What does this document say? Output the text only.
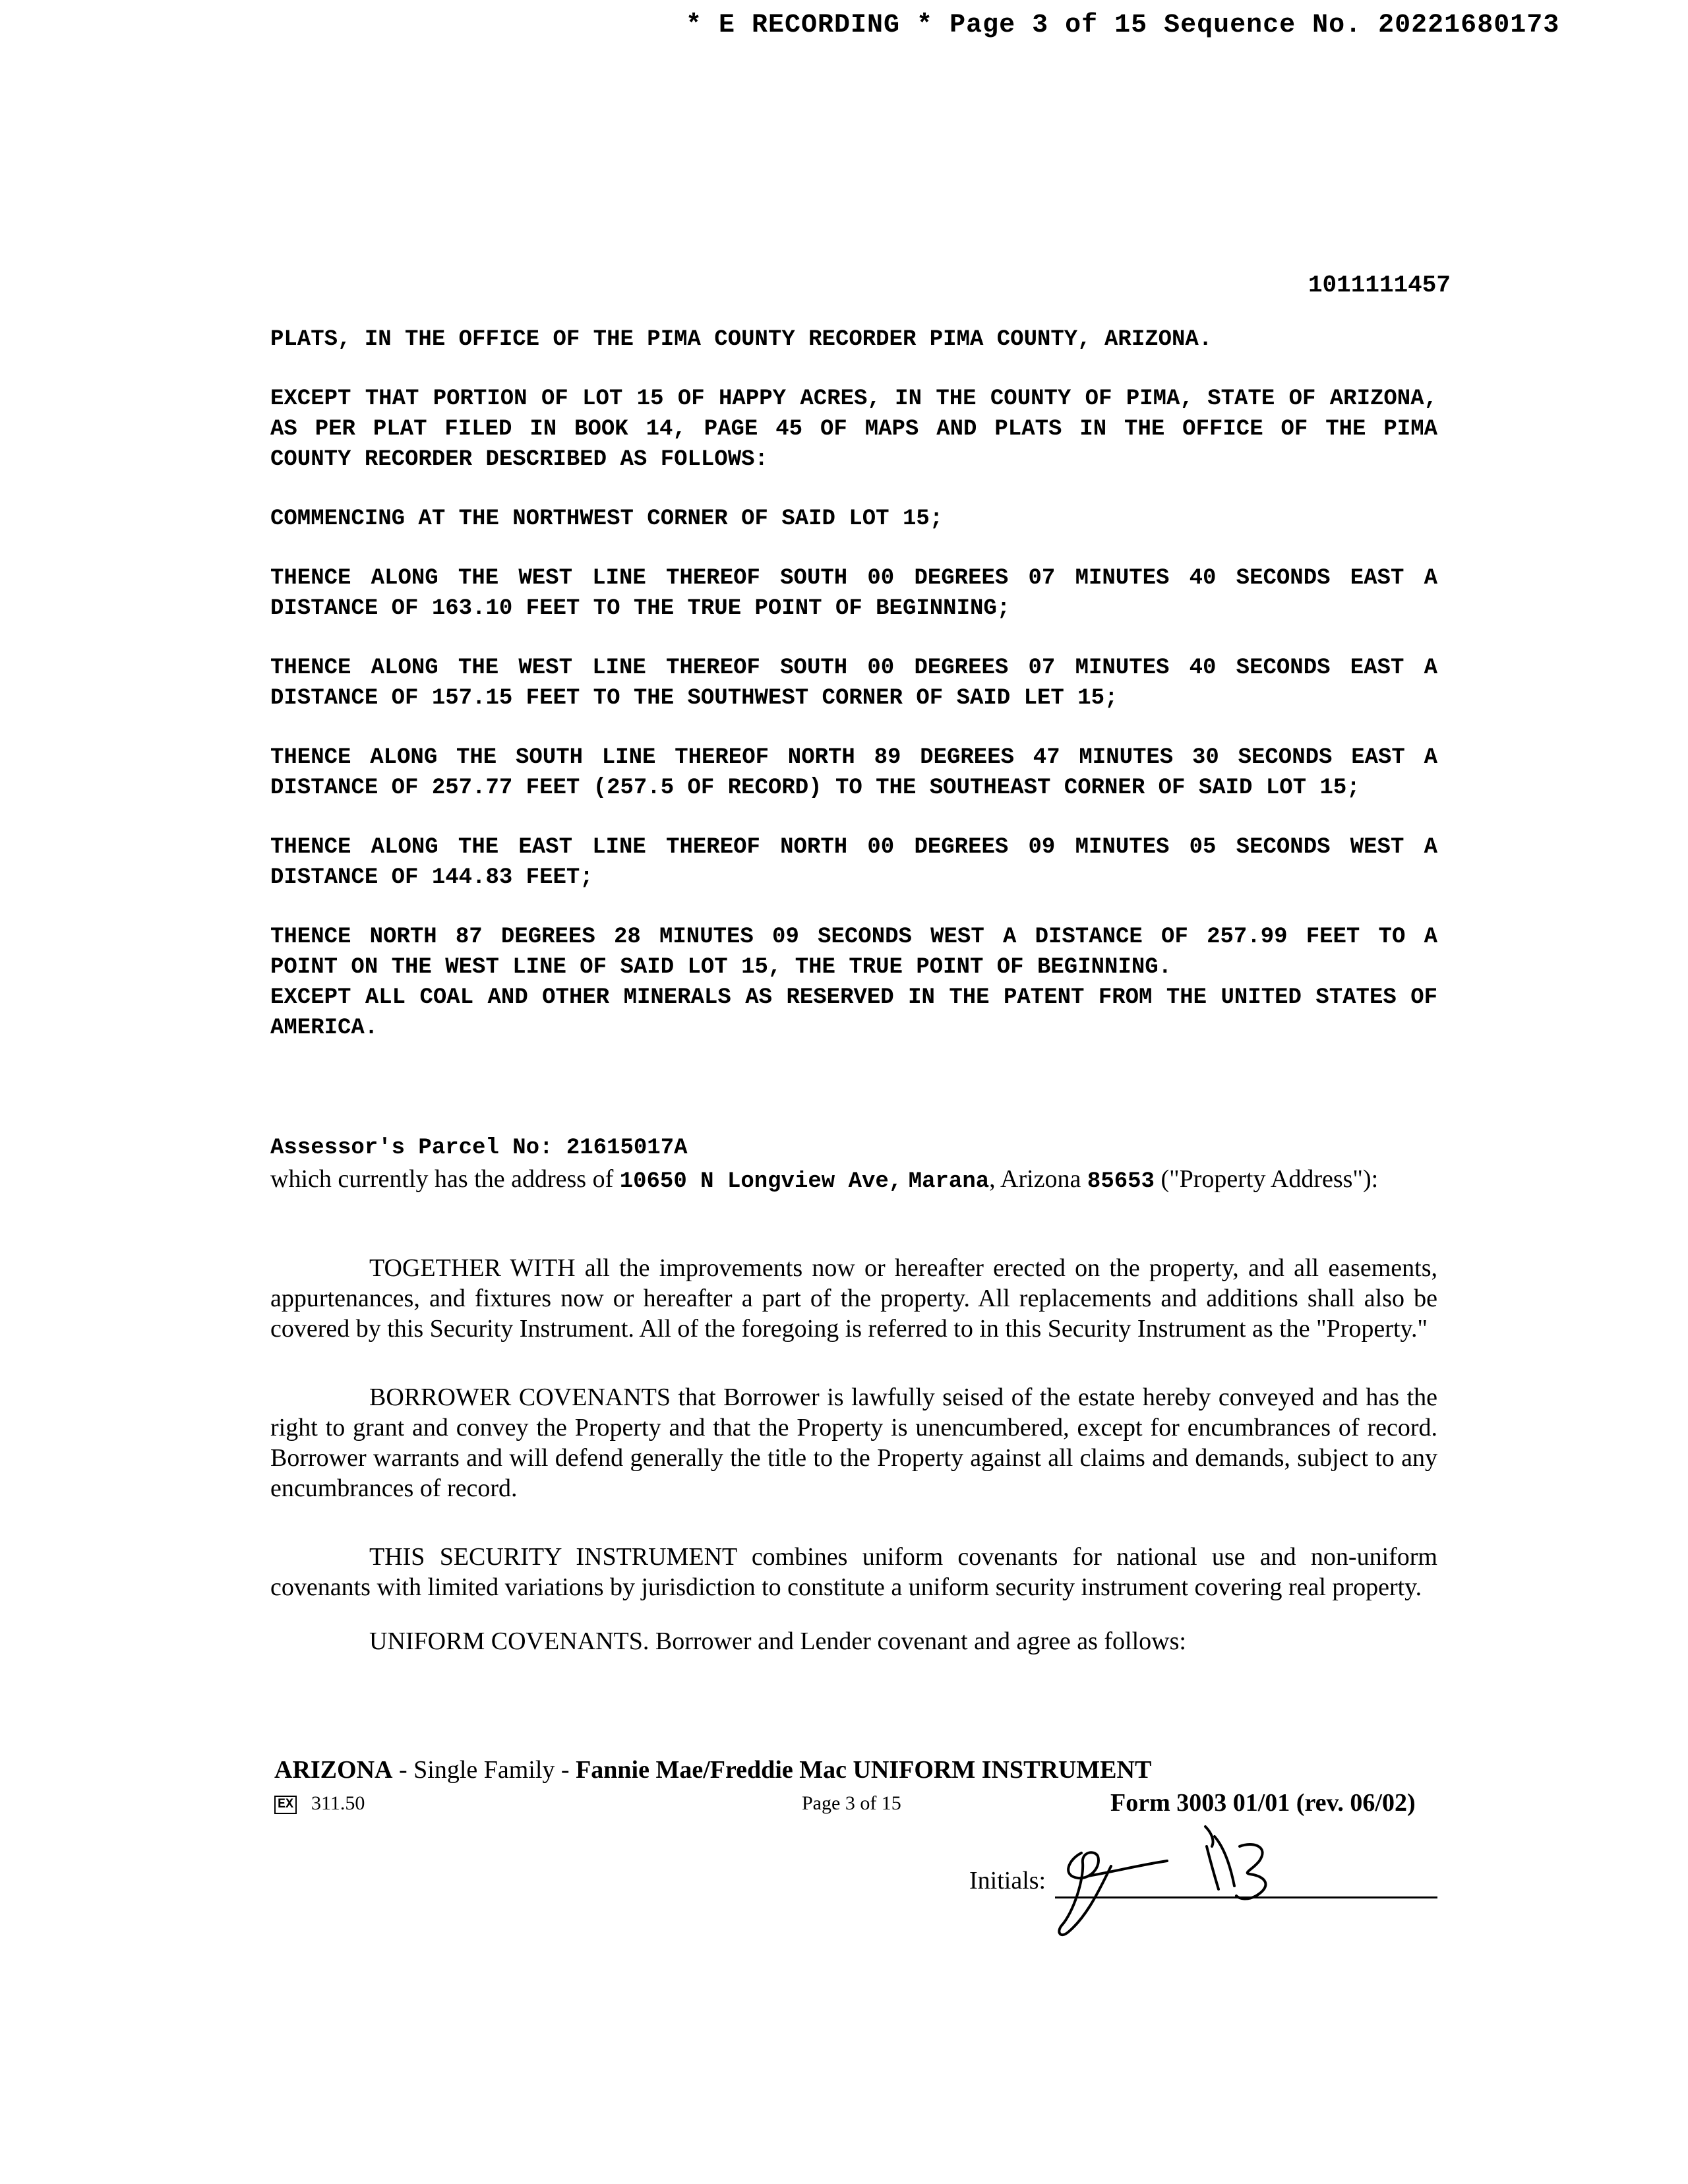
* E RECORDING * Page 3 of 15 Sequence No. 20221680173
1011111457

PLATS, IN THE OFFICE OF THE PIMA COUNTY RECORDER PIMA COUNTY, ARIZONA.

EXCEPT THAT PORTION OF LOT 15 OF HAPPY ACRES, IN THE COUNTY OF PIMA, STATE OF ARIZONA, AS PER PLAT FILED IN BOOK 14, PAGE 45 OF MAPS AND PLATS IN THE OFFICE OF THE PIMA COUNTY RECORDER DESCRIBED AS FOLLOWS:

COMMENCING AT THE NORTHWEST CORNER OF SAID LOT 15;

THENCE ALONG THE WEST LINE THEREOF SOUTH 00 DEGREES 07 MINUTES 40 SECONDS EAST A DISTANCE OF 163.10 FEET TO THE TRUE POINT OF BEGINNING;

THENCE ALONG THE WEST LINE THEREOF SOUTH 00 DEGREES 07 MINUTES 40 SECONDS EAST A DISTANCE OF 157.15 FEET TO THE SOUTHWEST CORNER OF SAID LET 15;

THENCE ALONG THE SOUTH LINE THEREOF NORTH 89 DEGREES 47 MINUTES 30 SECONDS EAST A DISTANCE OF 257.77 FEET (257.5 OF RECORD) TO THE SOUTHEAST CORNER OF SAID LOT 15;

THENCE ALONG THE EAST LINE THEREOF NORTH 00 DEGREES 09 MINUTES 05 SECONDS WEST A DISTANCE OF 144.83 FEET;

THENCE NORTH 87 DEGREES 28 MINUTES 09 SECONDS WEST A DISTANCE OF 257.99 FEET TO A POINT ON THE WEST LINE OF SAID LOT 15, THE TRUE POINT OF BEGINNING.

EXCEPT ALL COAL AND OTHER MINERALS AS RESERVED IN THE PATENT FROM THE UNITED STATES OF AMERICA.

Assessor's Parcel No: 21615017A
which currently has the address of 10650 N Longview Ave, Marana, Arizona 85653 ("Property Address"):

TOGETHER WITH all the improvements now or hereafter erected on the property, and all easements, appurtenances, and fixtures now or hereafter a part of the property. All replacements and additions shall also be covered by this Security Instrument. All of the foregoing is referred to in this Security Instrument as the "Property."

BORROWER COVENANTS that Borrower is lawfully seised of the estate hereby conveyed and has the right to grant and convey the Property and that the Property is unencumbered, except for encumbrances of record. Borrower warrants and will defend generally the title to the Property against all claims and demands, subject to any encumbrances of record.

THIS SECURITY INSTRUMENT combines uniform covenants for national use and non-uniform covenants with limited variations by jurisdiction to constitute a uniform security instrument covering real property.

UNIFORM COVENANTS. Borrower and Lender covenant and agree as follows:
ARIZONA - Single Family - Fannie Mae/Freddie Mac UNIFORM INSTRUMENT
EX 311.50	Page 3 of 15	Form 3003 01/01 (rev. 06/02)
Initials:
